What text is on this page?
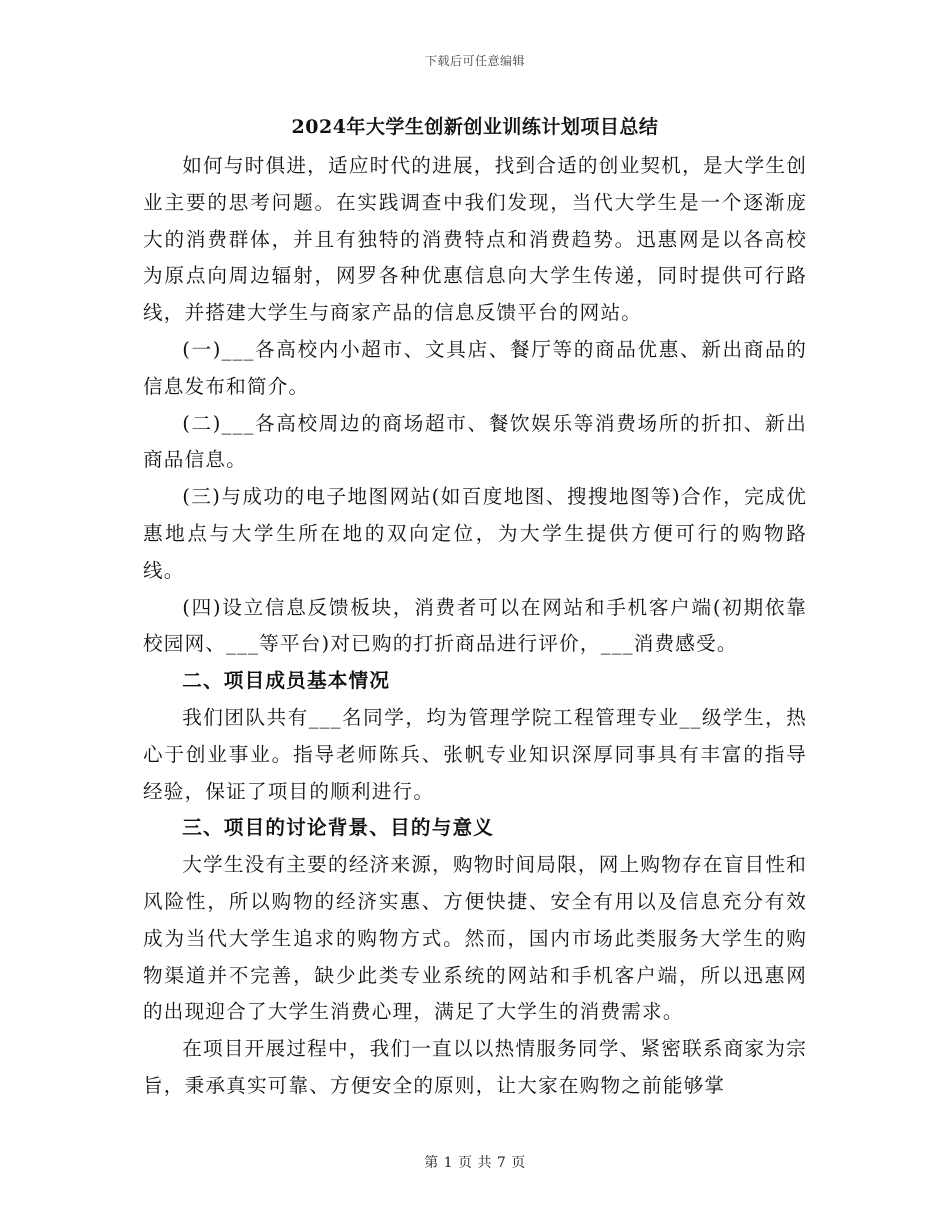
下载后可任意编辑
2024年大学生创新创业训练计划项目总结

如何与时俱进，适应时代的进展，找到合适的创业契机，是大学生创业主要的思考问题。在实践调查中我们发现，当代大学生是一个逐渐庞大的消费群体，并且有独特的消费特点和消费趋势。迅惠网是以各高校为原点向周边辐射，网罗各种优惠信息向大学生传递，同时提供可行路线，并搭建大学生与商家产品的信息反馈平台的网站。

(一)___各高校内小超市、文具店、餐厅等的商品优惠、新出商品的信息发布和简介。

(二)___各高校周边的商场超市、餐饮娱乐等消费场所的折扣、新出商品信息。

(三)与成功的电子地图网站(如百度地图、搜搜地图等)合作，完成优惠地点与大学生所在地的双向定位，为大学生提供方便可行的购物路线。

(四)设立信息反馈板块，消费者可以在网站和手机客户端(初期依靠校园网、___等平台)对已购的打折商品进行评价，___消费感受。

二、项目成员基本情况

我们团队共有___名同学，均为管理学院工程管理专业__级学生，热心于创业事业。指导老师陈兵、张帆专业知识深厚同事具有丰富的指导经验，保证了项目的顺利进行。

三、项目的讨论背景、目的与意义

大学生没有主要的经济来源，购物时间局限，网上购物存在盲目性和风险性，所以购物的经济实惠、方便快捷、安全有用以及信息充分有效成为当代大学生追求的购物方式。然而，国内市场此类服务大学生的购物渠道并不完善，缺少此类专业系统的网站和手机客户端，所以迅惠网的出现迎合了大学生消费心理，满足了大学生的消费需求。

在项目开展过程中，我们一直以以热情服务同学、紧密联系商家为宗旨，秉承真实可靠、方便安全的原则，让大家在购物之前能够掌

第 1 页 共 7 页
